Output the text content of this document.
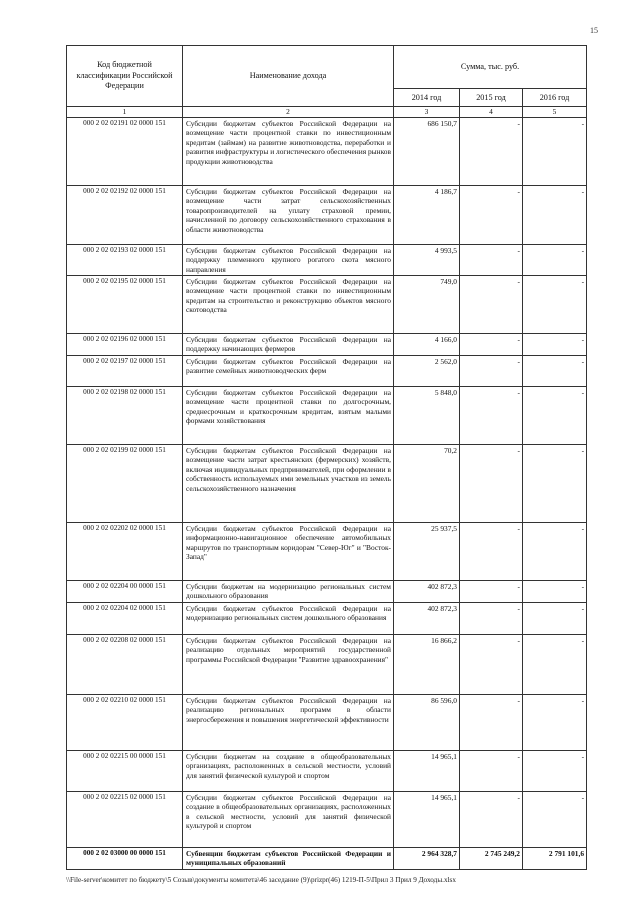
15
Код бюджетной классификации Российской Федерации	Наименование дохода	Сумма, тыс. руб.		
		2014 год	2015 год	2016 год
1	2	3	4	5
000 2 02 02191 02 0000 151	Субсидии бюджетам субъектов Российской Федерации на возмещение части процентной ставки по инвестиционным кредитам (займам) на развитие животноводства, переработки и развития инфраструктуры и логистического обеспечения рынков продукции животноводства	686 150,7	-	-
000 2 02 02192 02 0000 151	Субсидии бюджетам субъектов Российской Федерации на возмещение части затрат сельскохозяйственных товаропроизводителей на уплату страховой премии, начисленной по договору сельскохозяйственного страхования в области животноводства	4 186,7	-	-
000 2 02 02193 02 0000 151	Субсидии бюджетам субъектов Российской Федерации на поддержку племенного крупного рогатого скота мясного направления	4 993,5	-	-
000 2 02 02195 02 0000 151	Субсидии бюджетам субъектов Российской Федерации на возмещение части процентной ставки по инвестиционным кредитам на строительство и реконструкцию объектов мясного скотоводства	749,0	-	-
000 2 02 02196 02 0000 151	Субсидии бюджетам субъектов Российской Федерации на поддержку начинающих фермеров	4 166,0	-	-
000 2 02 02197 02 0000 151	Субсидии бюджетам субъектов Российской Федерации на развитие семейных животноводческих ферм	2 562,0	-	-
000 2 02 02198 02 0000 151	Субсидии бюджетам субъектов Российской Федерации на возмещение части процентной ставки по долгосрочным, среднесрочным и краткосрочным кредитам, взятым малыми формами хозяйствования	5 848,0	-	-
000 2 02 02199 02 0000 151	Субсидии бюджетам субъектов Российской Федерации на возмещение части затрат крестьянских (фермерских) хозяйств, включая индивидуальных предпринимателей, при оформлении в собственность используемых ими земельных участков из земель сельскохозяйственного назначения	70,2	-	-
000 2 02 02202 02 0000 151	Субсидии бюджетам субъектов Российской Федерации на информационно-навигационное обеспечение автомобильных маршрутов по транспортным коридорам "Север-Юг" и "Восток-Запад"	25 937,5	-	-
000 2 02 02204 00 0000 151	Субсидии бюджетам на модернизацию региональных систем дошкольного образования	402 872,3	-	-
000 2 02 02204 02 0000 151	Субсидии бюджетам субъектов Российской Федерации на модернизацию региональных систем дошкольного образования	402 872,3	-	-
000 2 02 02208 02 0000 151	Субсидии бюджетам субъектов Российской Федерации на реализацию отдельных мероприятий государственной программы Российской Федерации "Развитие здравоохранения"	16 866,2	-	-
000 2 02 02210 02 0000 151	Субсидии бюджетам субъектов Российской Федерации на реализацию региональных программ в области энергосбережения и повышения энергетической эффективности	86 596,0	-	-
000 2 02 02215 00 0000 151	Субсидии бюджетам на создание в общеобразовательных организациях, расположенных в сельской местности, условий для занятий физической культурой и спортом	14 965,1	-	-
000 2 02 02215 02 0000 151	Субсидии бюджетам субъектов Российской Федерации на создание в общеобразовательных организациях, расположенных в сельской местности, условий для занятий физической культурой и спортом	14 965,1	-	-
000 2 02 03000 00 0000 151	Субвенции бюджетам субъектов Российской Федерации и муниципальных образований	2 964 328,7	2 745 249,2	2 791 101,6
\\File-server\комитет по бюджету\5 Созыв\документы комитета\46 заседание (9)\prizpr(46) 1219-П-5\Прил 3 Прил 9 Доходы.xlsx
